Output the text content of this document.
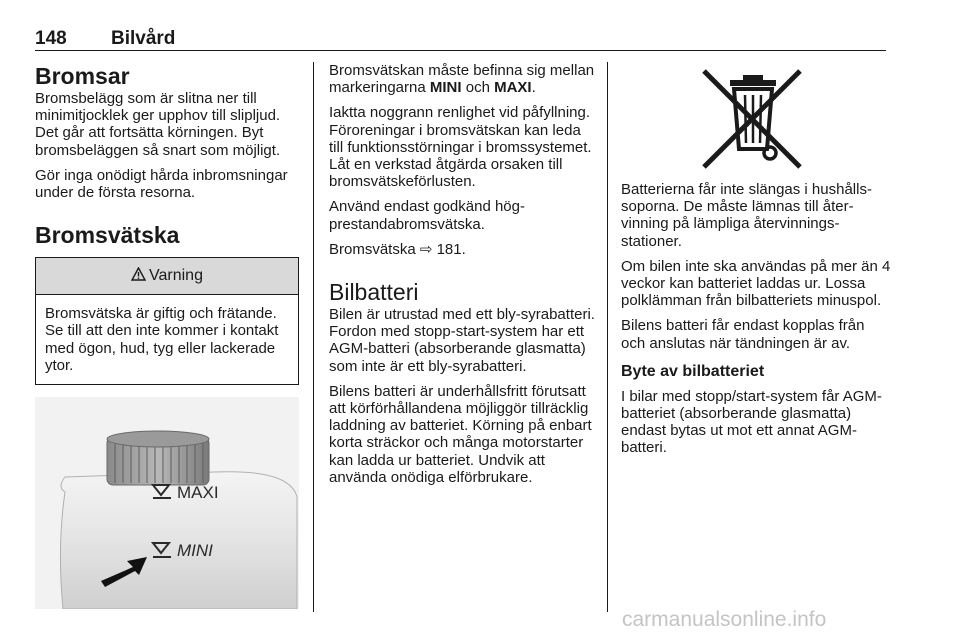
148 Bilvård
Bromsar

Bromsbelägg som är slitna ner till minimitjocklek ger upphov till slipljud. Det går att fortsätta körningen. Byt bromsbeläggen så snart som möjligt.

Gör inga onödigt hårda inbromsningar under de första resorna.

Bromsvätska
Varning

Bromsvätska är giftig och frätande. Se till att den inte kommer i kontakt med ögon, hud, tyg eller lackerade ytor.

MAXI
MINI

Bromsvätskan måste befinna sig mellan markeringarna MINI och MAXI.

Iaktta noggrann renlighet vid påfyllning. Föroreningar i bromsvätskan kan leda till funktionsstörningar i bromssystemet. Låt en verkstad åtgärda orsaken till bromsvätskeförlusten.

Använd endast godkänd högprestandabromsvätska.

Bromsvätska ⇨ 181.

Bilbatteri

Bilen är utrustad med ett bly-syrabatteri. Fordon med stopp-start-system har ett AGM-batteri (absorberande glasmatta) som inte är ett bly-syrabatteri.

Bilens batteri är underhållsfritt förutsatt att körförhållandena möjliggör tillräcklig laddning av batteriet. Körning på enbart korta sträckor och många motorstarter kan ladda ur batteriet. Undvik att använda onödiga elförbrukare.

Batterierna får inte slängas i hushållssoporna. De måste lämnas till återvinning på lämpliga återvinningsstationer.

Om bilen inte ska användas på mer än 4 veckor kan batteriet laddas ur. Lossa polklämman från bilbatteriets minuspol.

Bilens batteri får endast kopplas från och anslutas när tändningen är av.

Byte av bilbatteriet

I bilar med stopp/start-system får AGM-batteriet (absorberande glasmatta) endast bytas ut mot ett annat AGM-batteri.

carmanualsonline.info
